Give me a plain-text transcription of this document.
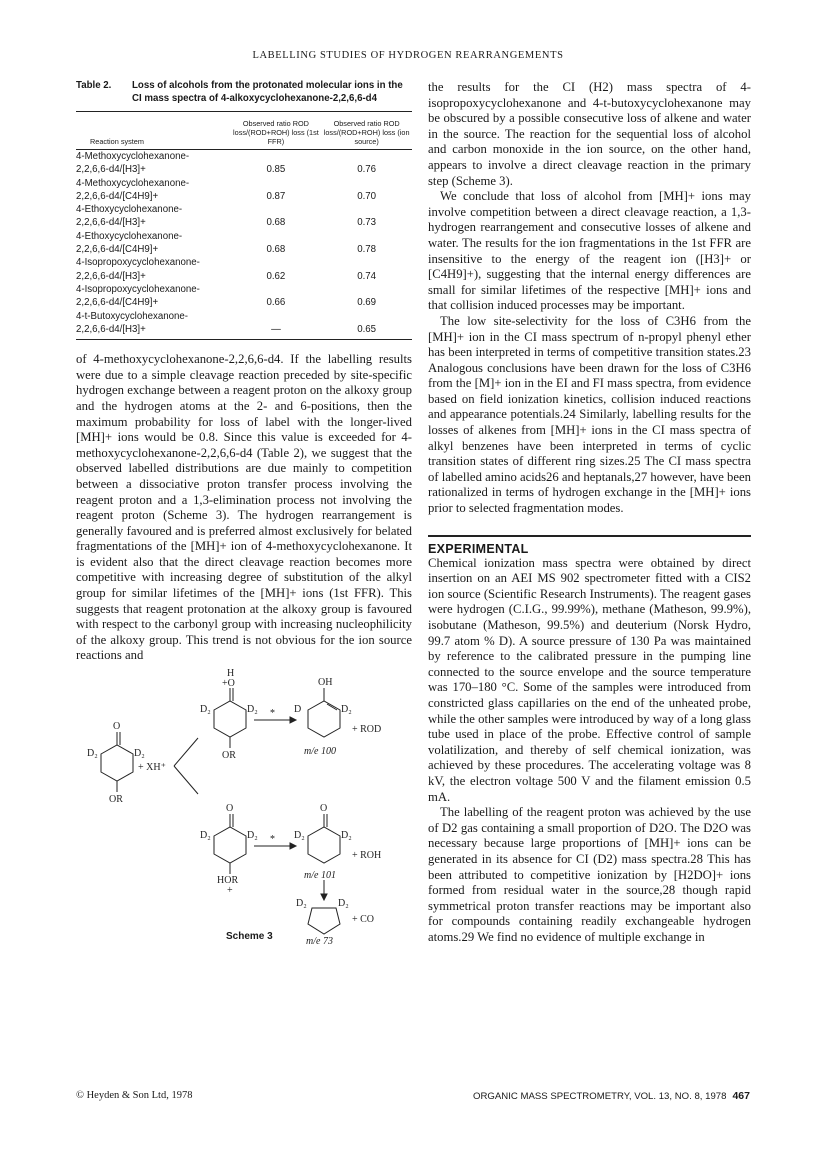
LABELLING STUDIES OF HYDROGEN REARRANGEMENTS
Table 2.	Loss of alcohols from the protonated molecular ions in the CI mass spectra of 4-alkoxycyclohexanone-2,2,6,6-d4
Reaction system	Observed ratio ROD loss/(ROD+ROH) loss (1st FFR)	Observed ratio ROD loss/(ROD+ROH) loss (ion source)
4-Methoxycyclohexanone-		
2,2,6,6-d4/[H3]+	0.85	0.76
4-Methoxycyclohexanone-		
2,2,6,6-d4/[C4H9]+	0.87	0.70
4-Ethoxycyclohexanone-		
2,2,6,6-d4/[H3]+	0.68	0.73
4-Ethoxycyclohexanone-		
2,2,6,6-d4/[C4H9]+	0.68	0.78
4-Isopropoxycyclohexanone-		
2,2,6,6-d4/[H3]+	0.62	0.74
4-Isopropoxycyclohexanone-		
2,2,6,6-d4/[C4H9]+	0.66	0.69
4-t-Butoxycyclohexanone-		
2,2,6,6-d4/[H3]+	—	0.65

of 4-methoxycyclohexanone-2,2,6,6-d4. If the labelling results were due to a simple cleavage reaction preceded by site-specific hydrogen exchange between a reagent proton on the alkoxy group and the hydrogen atoms at the 2- and 6-positions, then the maximum probability for loss of label with the longer-lived [MH]+ ions would be 0.8. Since this value is exceeded for 4-methoxycyclohexanone-2,2,6,6-d4 (Table 2), we suggest that the observed labelled distributions are due mainly to competition between a dissociative proton transfer process involving the reagent proton and a 1,3-elimination process not involving the reagent proton (Scheme 3). The hydrogen rearrangement is generally favoured and is preferred almost exclusively for belated fragmentations of the [MH]+ ion of 4-methoxycyclohexanone. It is evident also that the direct cleavage reaction becomes more competitive with increasing degree of substitution of the alkyl group for similar lifetimes of the [MH]+ ions (1st FFR). This suggests that reagent protonation at the alkoxy group is favoured with respect to the carbonyl group with increasing nucleophilicity of the alkoxy group. This trend is not obvious for the ion source reactions and

O
D₂	D₂
OR
+ XH⁺
H
+O
D₂	D₂
OR
*
OH
D	D₂
+ ROD
m/e 100
O
D₂	D₂
HOR
+
*
O
D₂	D₂
+ ROH
m/e 101
D₂	D₂
+ CO
m/e 73
Scheme 3

the results for the CI (H2) mass spectra of 4-isopropoxycyclohexanone and 4-t-butoxycyclohexanone may be obscured by a possible consecutive loss of alkene and water in the source. The reaction for the sequential loss of alcohol and carbon monoxide in the ion source, on the other hand, appears to involve a direct cleavage reaction in the primary step (Scheme 3).

We conclude that loss of alcohol from [MH]+ ions may involve competition between a direct cleavage reaction, a 1,3-hydrogen rearrangement and consecutive losses of alkene and water. The results for the ion fragmentations in the 1st FFR are insensitive to the energy of the reagent ion ([H3]+ or [C4H9]+), suggesting that the internal energy differences are small for similar lifetimes of the respective [MH]+ ions and that collision induced processes may be important.

The low site-selectivity for the loss of C3H6 from the [MH]+ ion in the CI mass spectrum of n-propyl phenyl ether has been interpreted in terms of competitive transition states.23 Analogous conclusions have been drawn for the loss of C3H6 from the [M]+ ion in the EI and FI mass spectra, from evidence based on field ionization kinetics, collision induced reactions and appearance potentials.24 Similarly, labelling results for the losses of alkenes from [MH]+ ions in the CI mass spectra of alkyl benzenes have been interpreted in terms of cyclic transition states of different ring sizes.25 The CI mass spectra of labelled amino acids26 and heptanals,27 however, have been rationalized in terms of hydrogen exchange in the [MH]+ ions prior to selected fragmentation modes.

EXPERIMENTAL

Chemical ionization mass spectra were obtained by direct insertion on an AEI MS 902 spectrometer fitted with a CIS2 ion source (Scientific Research Instruments). The reagent gases were hydrogen (C.I.G., 99.99%), methane (Matheson, 99.9%), isobutane (Matheson, 99.5%) and deuterium (Norsk Hydro, 99.7 atom % D). A source pressure of 130 Pa was maintained by reference to the calibrated pressure in the pumping line connected to the source envelope and the source temperature was 170–180 °C. Some of the samples were introduced from constricted glass capillaries on the end of the unheated probe, while the other samples were introduced by way of a long glass tube used in place of the probe. Effective control of sample volatilization, and thereby of self chemical ionization, was achieved by these procedures. The accelerating voltage was 8 kV, the electron voltage 500 V and the filament emission 0.5 mA.

The labelling of the reagent proton was achieved by the use of D2 gas containing a small proportion of D2O. The D2O was necessary because large proportions of [MH]+ ions can be generated in its absence for CI (D2) mass spectra.28 This has been attributed to competitive ionization by [H2DO]+ ions formed from residual water in the source,28 though rapid symmetrical proton transfer reactions may be important also for compounds containing readily exchangeable hydrogen atoms.29 We find no evidence of multiple exchange in

© Heyden & Son Ltd, 1978	ORGANIC MASS SPECTROMETRY, VOL. 13, NO. 8, 1978 467
